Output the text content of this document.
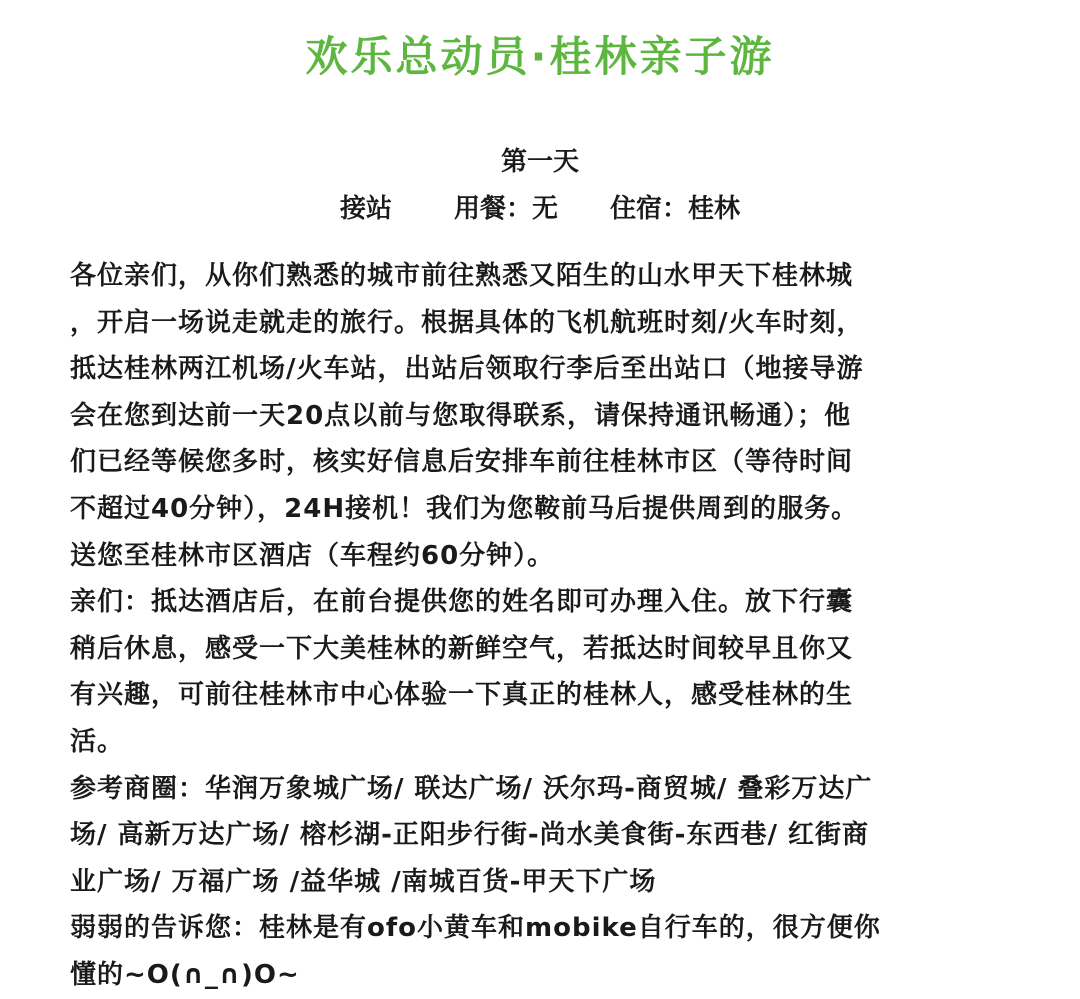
欢乐总动员·桂林亲子游
第一天
接站 用餐：无 住宿：桂林
各位亲们，从你们熟悉的城市前往熟悉又陌生的山水甲天下桂林城
，开启一场说走就走的旅行。根据具体的飞机航班时刻/火车时刻，
抵达桂林两江机场/火车站，出站后领取行李后至出站口（地接导游
会在您到达前一天20点以前与您取得联系，请保持通讯畅通）；他
们已经等候您多时，核实好信息后安排车前往桂林市区（等待时间
不超过40分钟），24H接机！我们为您鞍前马后提供周到的服务。
送您至桂林市区酒店（车程约60分钟）。
亲们：抵达酒店后，在前台提供您的姓名即可办理入住。放下行囊
稍后休息，感受一下大美桂林的新鲜空气，若抵达时间较早且你又
有兴趣，可前往桂林市中心体验一下真正的桂林人，感受桂林的生
活。
参考商圈：华润万象城广场/ 联达广场/ 沃尔玛-商贸城/ 叠彩万达广
场/ 高新万达广场/ 榕杉湖-正阳步行街-尚水美食街-东西巷/ 红街商
业广场/ 万福广场 /益华城 /南城百货-甲天下广场
弱弱的告诉您：桂林是有ofo小黄车和mobike自行车的，很方便你
懂的~O(∩_∩)O~
